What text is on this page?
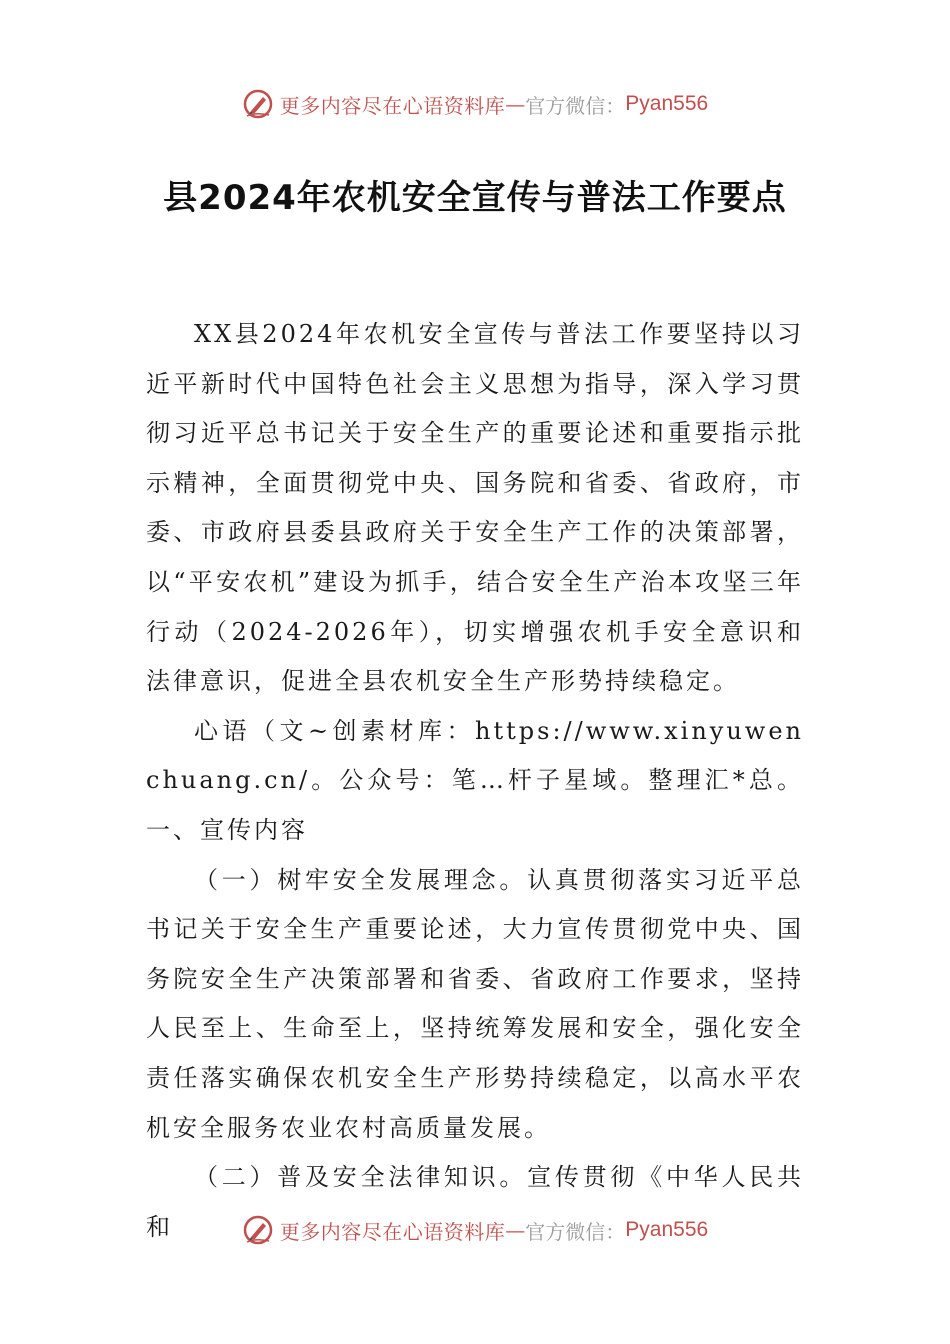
更多内容尽在心语资料库 — 官方微信： Pyan556
县2024年农机安全宣传与普法工作要点

XX县2024年农机安全宣传与普法工作要坚持以习近平新时代中国特色社会主义思想为指导，深入学习贯彻习近平总书记关于安全生产的重要论述和重要指示批示精神，全面贯彻党中央、国务院和省委、省政府，市委、市政府县委县政府关于安全生产工作的决策部署，以“平安农机”建设为抓手，结合安全生产治本攻坚三年行动（2024-2026年），切实增强农机手安全意识和法律意识，促进全县农机安全生产形势持续稳定。

心语（文~创素材库：https://www.xinyuwenchuang.cn/。公众号：笔…杆子星域。整理汇*总。一、宣传内容

（一）树牢安全发展理念。认真贯彻落实习近平总书记关于安全生产重要论述，大力宣传贯彻党中央、国务院安全生产决策部署和省委、省政府工作要求，坚持人民至上、生命至上，坚持统筹发展和安全，强化安全责任落实确保农机安全生产形势持续稳定，以高水平农机安全服务农业农村高质量发展。

（二）普及安全法律知识。宣传贯彻《中华人民共和	更多内容尽在心语资料库 — 官方微信： Pyan556
